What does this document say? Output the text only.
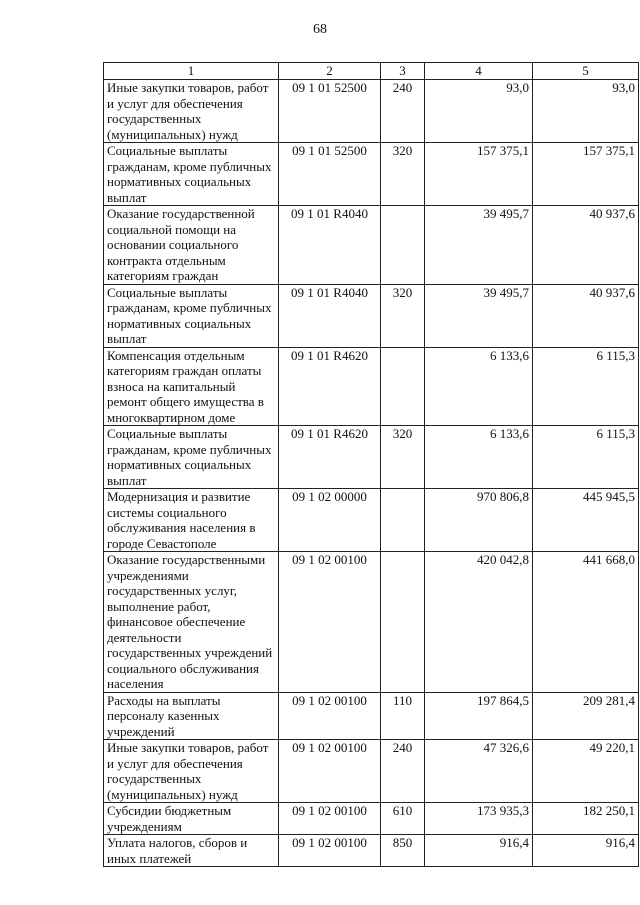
68
1	2	3	4	5
Иные закупки товаров, работ и услуг для обеспечения государственных (муниципальных) нужд	09 1 01 52500	240	93,0	93,0
Социальные выплаты гражданам, кроме публичных нормативных социальных выплат	09 1 01 52500	320	157 375,1	157 375,1
Оказание государственной социальной помощи на основании социального контракта отдельным категориям граждан	09 1 01 R4040		39 495,7	40 937,6
Социальные выплаты гражданам, кроме публичных нормативных социальных выплат	09 1 01 R4040	320	39 495,7	40 937,6
Компенсация отдельным категориям граждан оплаты взноса на капитальный ремонт общего имущества в многоквартирном доме	09 1 01 R4620		6 133,6	6 115,3
Социальные выплаты гражданам, кроме публичных нормативных социальных выплат	09 1 01 R4620	320	6 133,6	6 115,3
Модернизация и развитие системы социального обслуживания населения в городе Севастополе	09 1 02 00000		970 806,8	445 945,5
Оказание государственными учреждениями государственных услуг, выполнение работ, финансовое обеспечение деятельности государственных учреждений социального обслуживания населения	09 1 02 00100		420 042,8	441 668,0
Расходы на выплаты персоналу казенных учреждений	09 1 02 00100	110	197 864,5	209 281,4
Иные закупки товаров, работ и услуг для обеспечения государственных (муниципальных) нужд	09 1 02 00100	240	47 326,6	49 220,1
Субсидии бюджетным учреждениям	09 1 02 00100	610	173 935,3	182 250,1
Уплата налогов, сборов и иных платежей	09 1 02 00100	850	916,4	916,4
